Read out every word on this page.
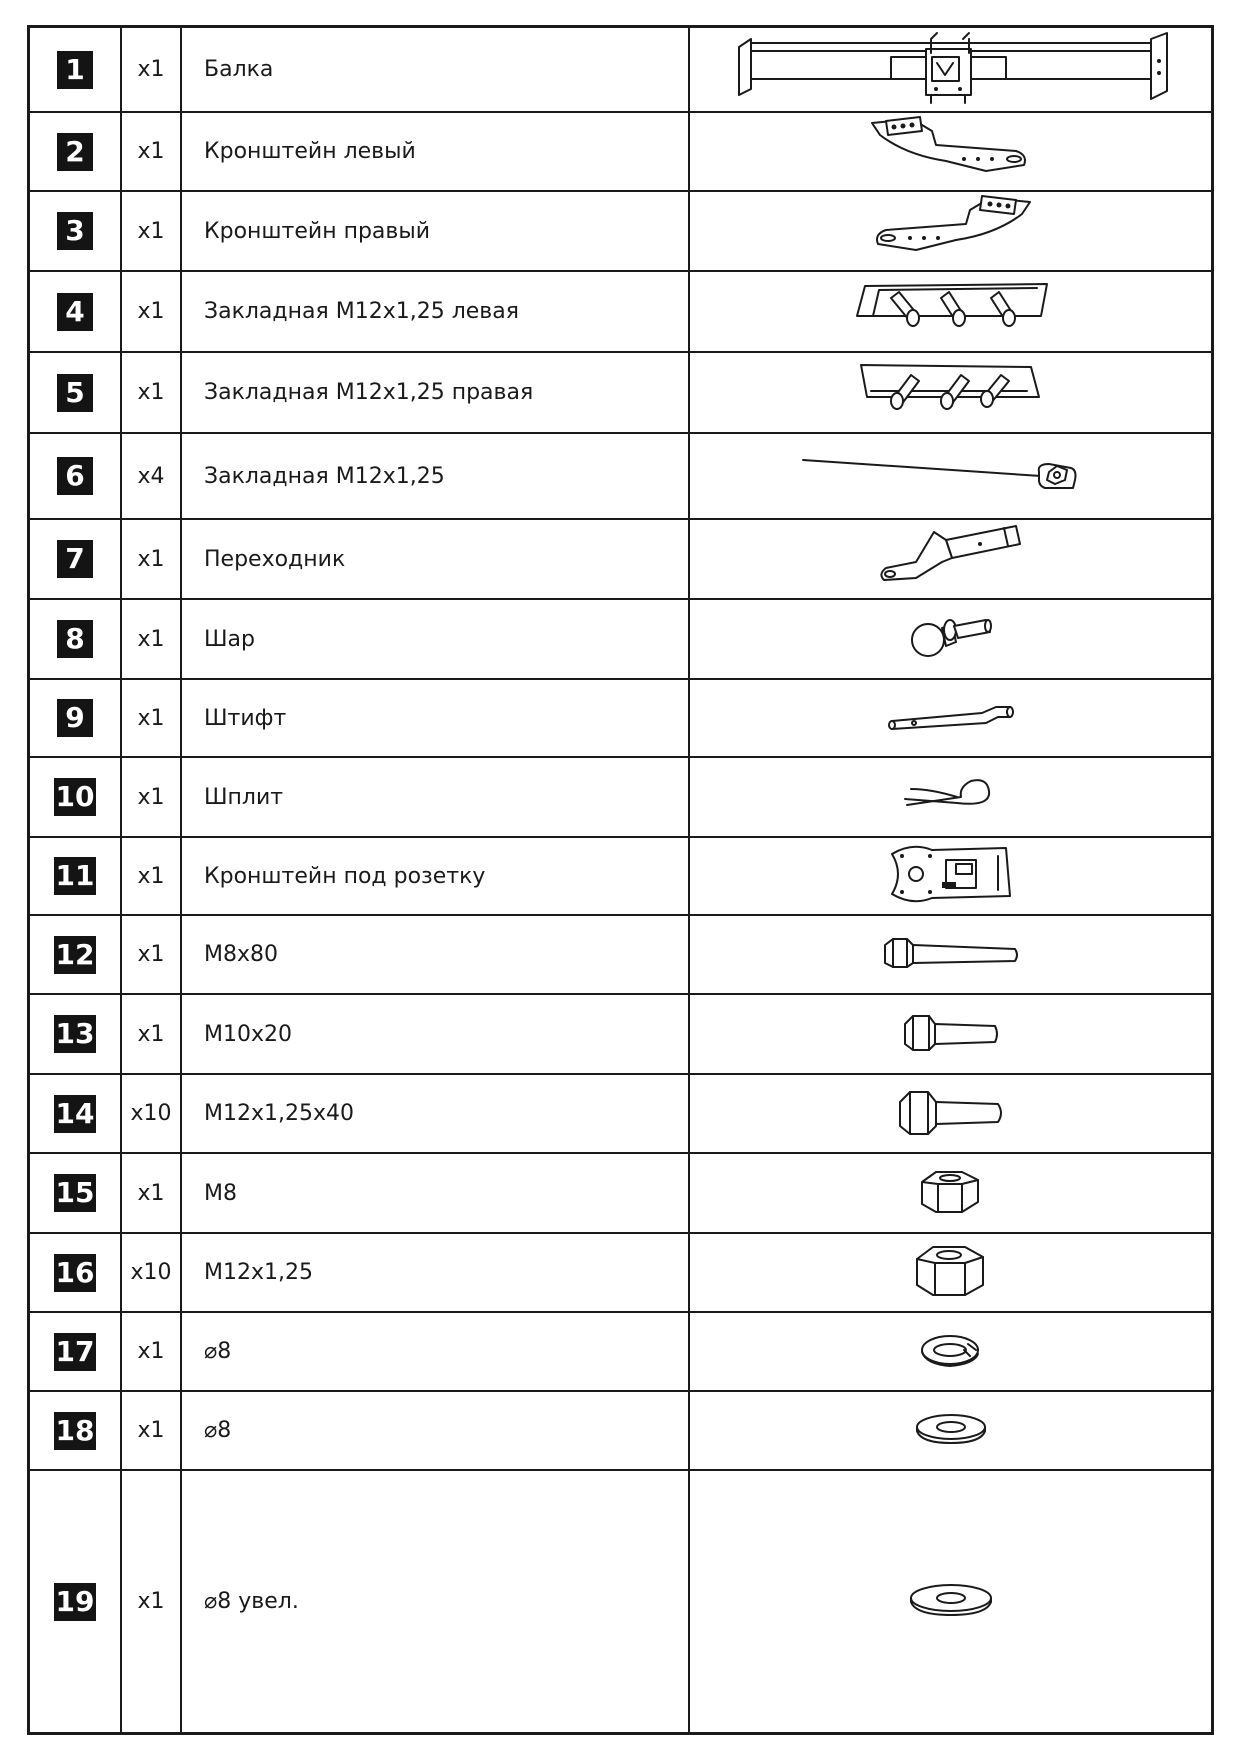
1	x1 Балка
2	x1 Кронштейн левый
3	x1 Кронштейн правый
4	x1 Закладная М12х1,25 левая
5	x1 Закладная М12х1,25 правая
6	x4 Закладная М12х1,25
7	x1 Переходник
8	x1 Шар
9	x1 Штифт
10 x1 Шплит
11 x1 Кронштейн под розетку
12 x1 М8х80
13 x1 М10х20
14 x10 М12х1,25х40
15 x1 М8
16 x10 М12х1,25
17 x1 ⌀8
18 x1 ⌀8
19 x1 ⌀8 увел.
